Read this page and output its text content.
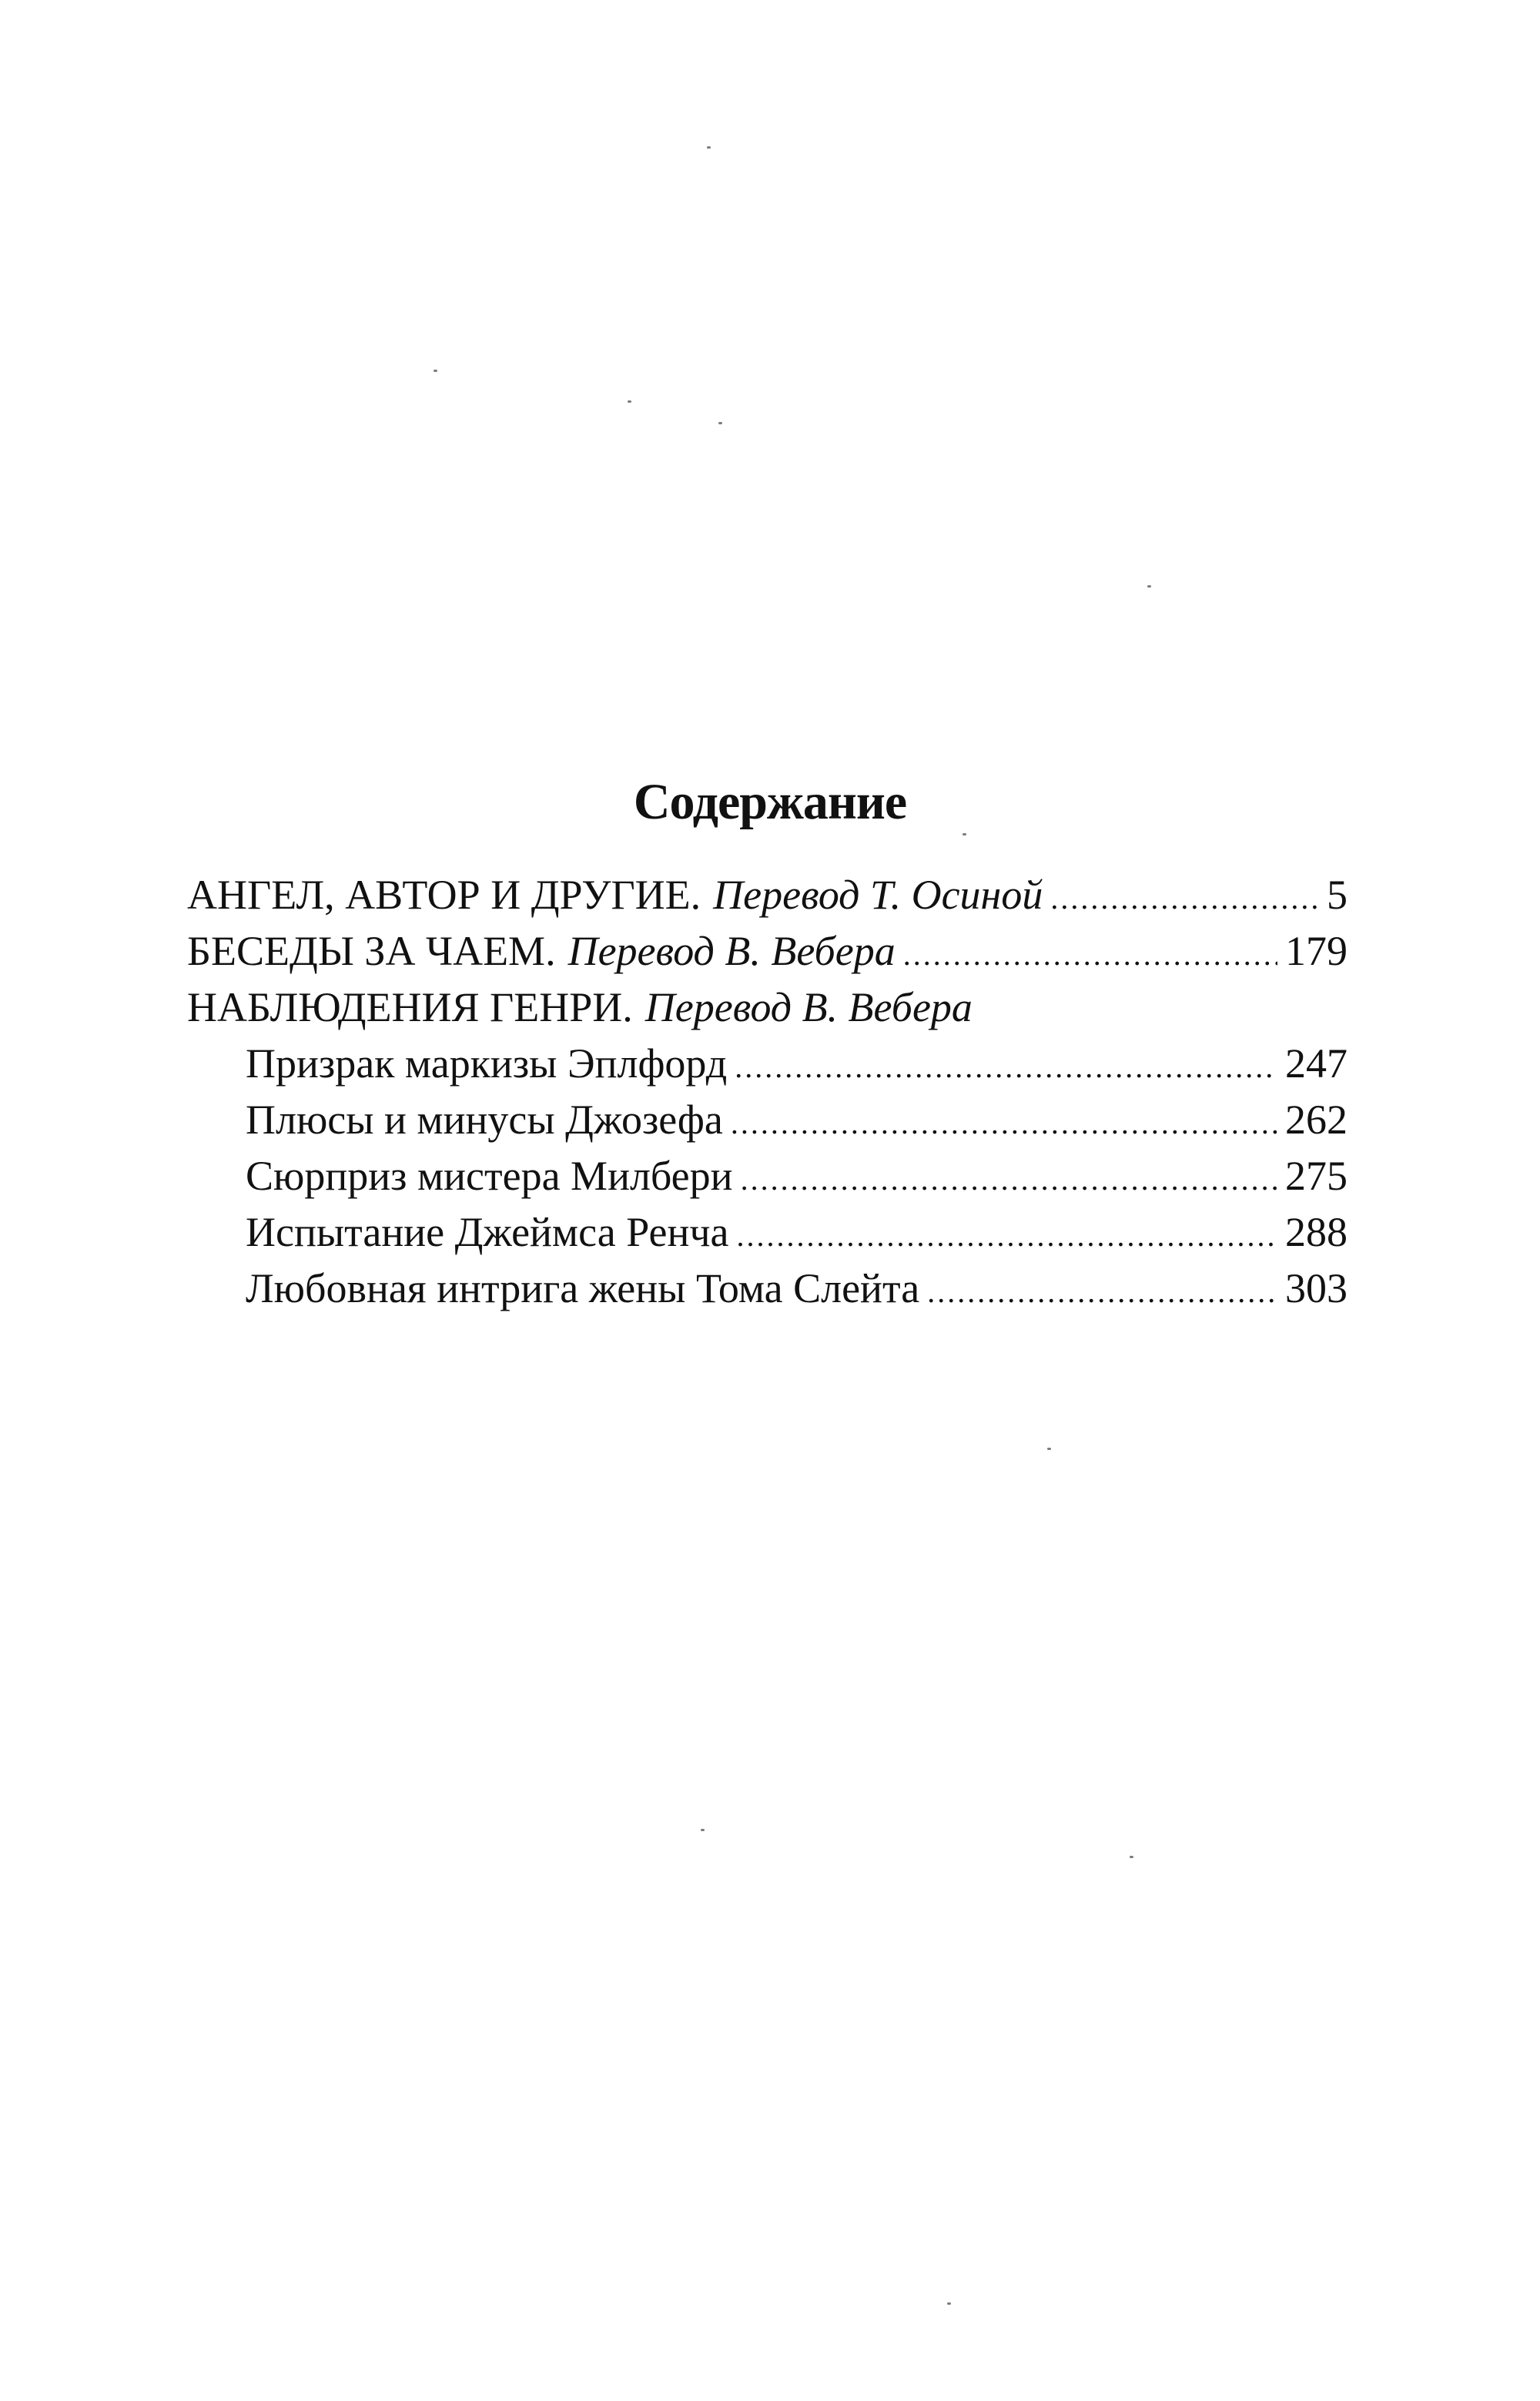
Содержание
АНГЕЛ, АВТОР И ДРУГИЕ. Перевод Т. Осиной .....	5
БЕСЕДЫ ЗА ЧАЕМ. Перевод В. Вебера .....	179
НАБЛЮДЕНИЯ ГЕНРИ. Перевод В. Вебера
Призрак маркизы Эплфорд .....	247
Плюсы и минусы Джозефа .....	262
Сюрприз мистера Милбери .....	275
Испытание Джеймса Ренча .....	288
Любовная интрига жены Тома Слейта .....	303
